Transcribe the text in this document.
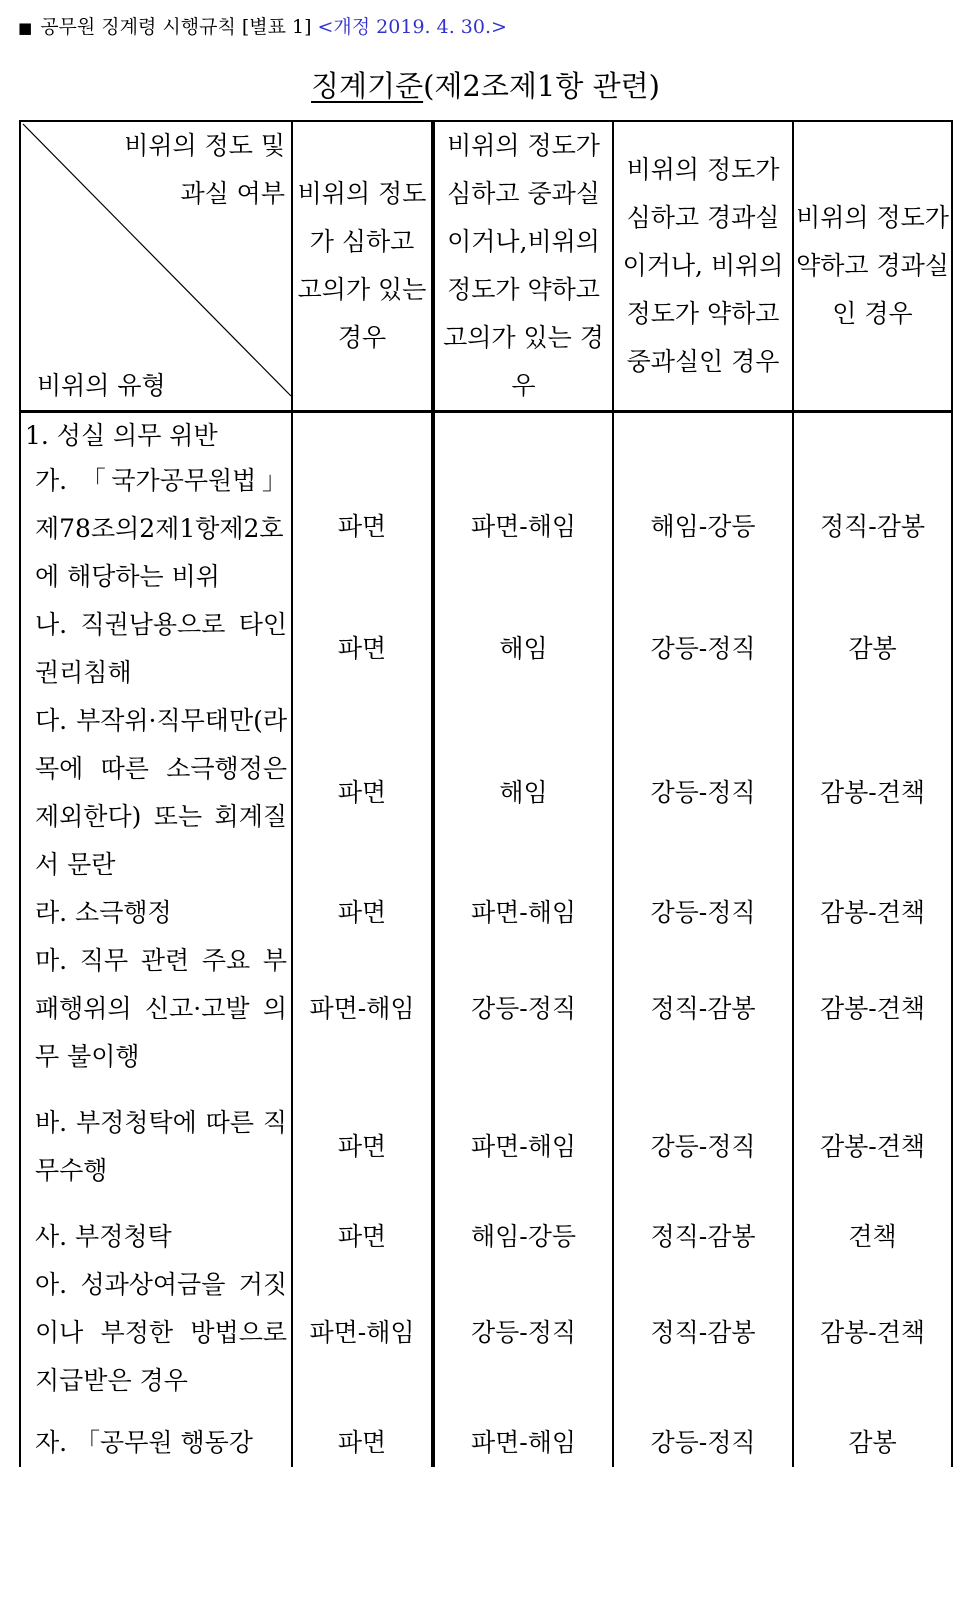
■ 공무원 징계령 시행규칙 [별표 1] <개정 2019. 4. 30.>
징계기준(제2조제1항 관련)
비위의 정도 및
과실 여부
비위의 유형	비위의 정도가 심하고 고의가 있는 경우	비위의 정도가 심하고 중과실이거나,비위의 정도가 약하고 고의가 있는 경우	비위의 정도가 심하고 경과실이거나, 비위의 정도가 약하고 중과실인 경우	비위의 정도가 약하고 경과실인 경우

1. 성실 의무 위반
가. 「국가공무원법」 제78조의2제1항제2호에 해당하는 비위	파면	파면-해임	해임-강등	정직-감봉

나. 직권남용으로 타인 권리침해	파면	해임	강등-정직	감봉

다. 부작위·직무태만(라목에 따른 소극행정은 제외한다) 또는 회계질서 문란	파면	해임	강등-정직	감봉-견책

라. 소극행정	파면	파면-해임	강등-정직	감봉-견책

마. 직무 관련 주요 부패행위의 신고·고발 의무 불이행	파면-해임	강등-정직	정직-감봉	감봉-견책

바. 부정청탁에 따른 직무수행	파면	파면-해임	강등-정직	감봉-견책

사. 부정청탁	파면	해임-강등	정직-감봉	견책

아. 성과상여금을 거짓이나 부정한 방법으로 지급받은 경우	파면-해임	강등-정직	정직-감봉	감봉-견책

자. 「공무원 행동강	파면	파면-해임	강등-정직	감봉
